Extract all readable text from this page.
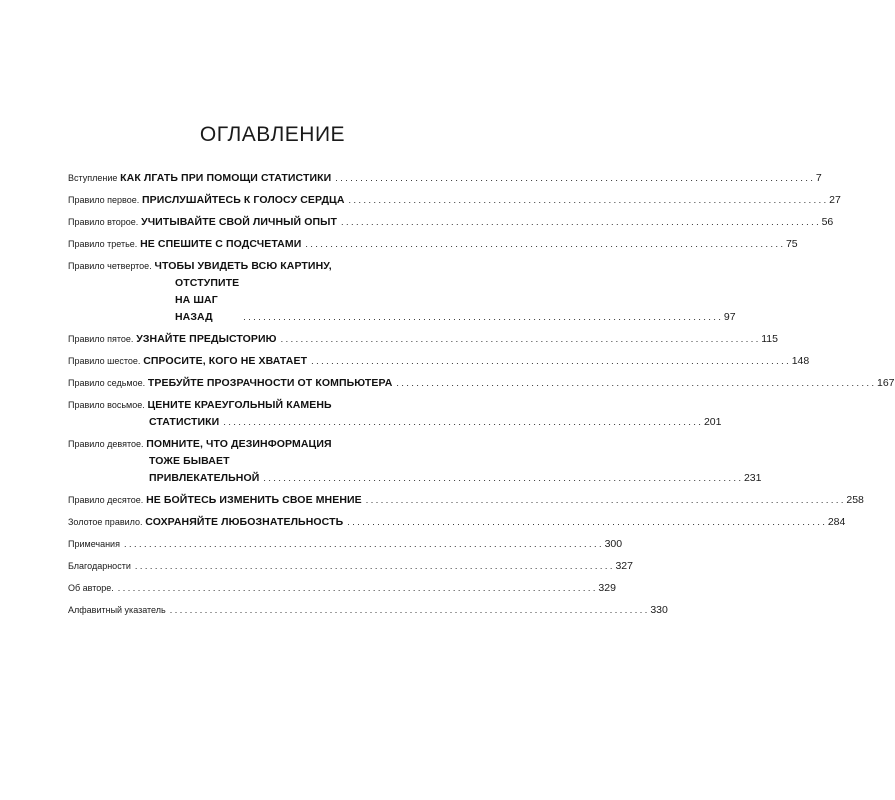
ОГЛАВЛЕНИЕ
Вступление КАК ЛГАТЬ ПРИ ПОМОЩИ СТАТИСТИКИ . . .	7
Правило первое. ПРИСЛУШАЙТЕСЬ К ГОЛОСУ СЕРДЦА . . .	27
Правило второе. УЧИТЫВАЙТЕ СВОЙ ЛИЧНЫЙ ОПЫТ . . .	56
Правило третье. НЕ СПЕШИТЕ С ПОДСЧЕТАМИ . . .	75
Правило четвертое. ЧТОБЫ УВИДЕТЬ ВСЮ КАРТИНУ,
ОТСТУПИТЕ НА ШАГ НАЗАД . . .	97
Правило пятое. УЗНАЙТЕ ПРЕДЫСТОРИЮ . . .	115
Правило шестое. СПРОСИТЕ, КОГО НЕ ХВАТАЕТ . . .	148
Правило седьмое. ТРЕБУЙТЕ ПРОЗРАЧНОСТИ ОТ КОМПЬЮТЕРА . . .	167
Правило восьмое. ЦЕНИТЕ КРАЕУГОЛЬНЫЙ КАМЕНЬ
СТАТИСТИКИ . . .	201
Правило девятое. ПОМНИТЕ, ЧТО ДЕЗИНФОРМАЦИЯ
ТОЖЕ БЫВАЕТ ПРИВЛЕКАТЕЛЬНОЙ . . .	231
Правило десятое. НЕ БОЙТЕСЬ ИЗМЕНИТЬ СВОЕ МНЕНИЕ . . .	258
Золотое правило. СОХРАНЯЙТЕ ЛЮБОЗНАТЕЛЬНОСТЬ . . .	284
Примечания . . .	300
Благодарности . . .	327
Об авторе. . . .	329
Алфавитный указатель . . .	330
